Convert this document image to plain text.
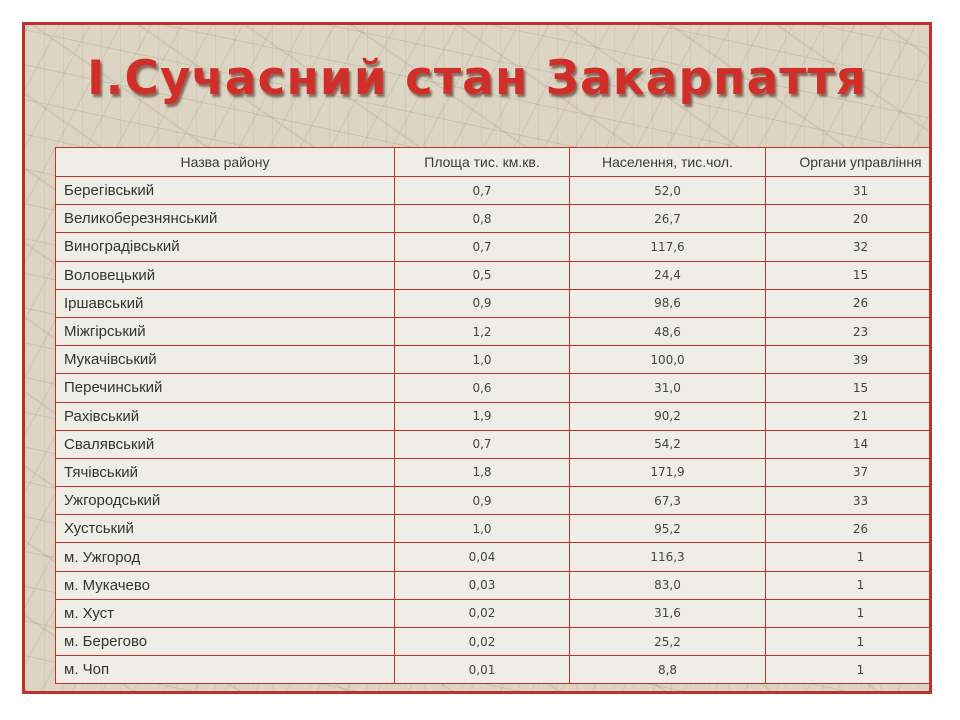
І.Сучасний стан Закарпаття
Назва району	Площа тис. км.кв.	Населення, тис.чол.	Органи управління
Берегівський	0,7	52,0	31
Великоберезнянський	0,8	26,7	20
Виноградівський	0,7	117,6	32
Воловецький	0,5	24,4	15
Іршавський	0,9	98,6	26
Міжгірський	1,2	48,6	23
Мукачівський	1,0	100,0	39
Перечинський	0,6	31,0	15
Рахівський	1,9	90,2	21
Свалявський	0,7	54,2	14
Тячівський	1,8	171,9	37
Ужгородський	0,9	67,3	33
Хустський	1,0	95,2	26
м. Ужгород	0,04	116,3	1
м. Мукачево	0,03	83,0	1
м. Хуст	0,02	31,6	1
м. Берегово	0,02	25,2	1
м. Чоп	0,01	8,8	1
